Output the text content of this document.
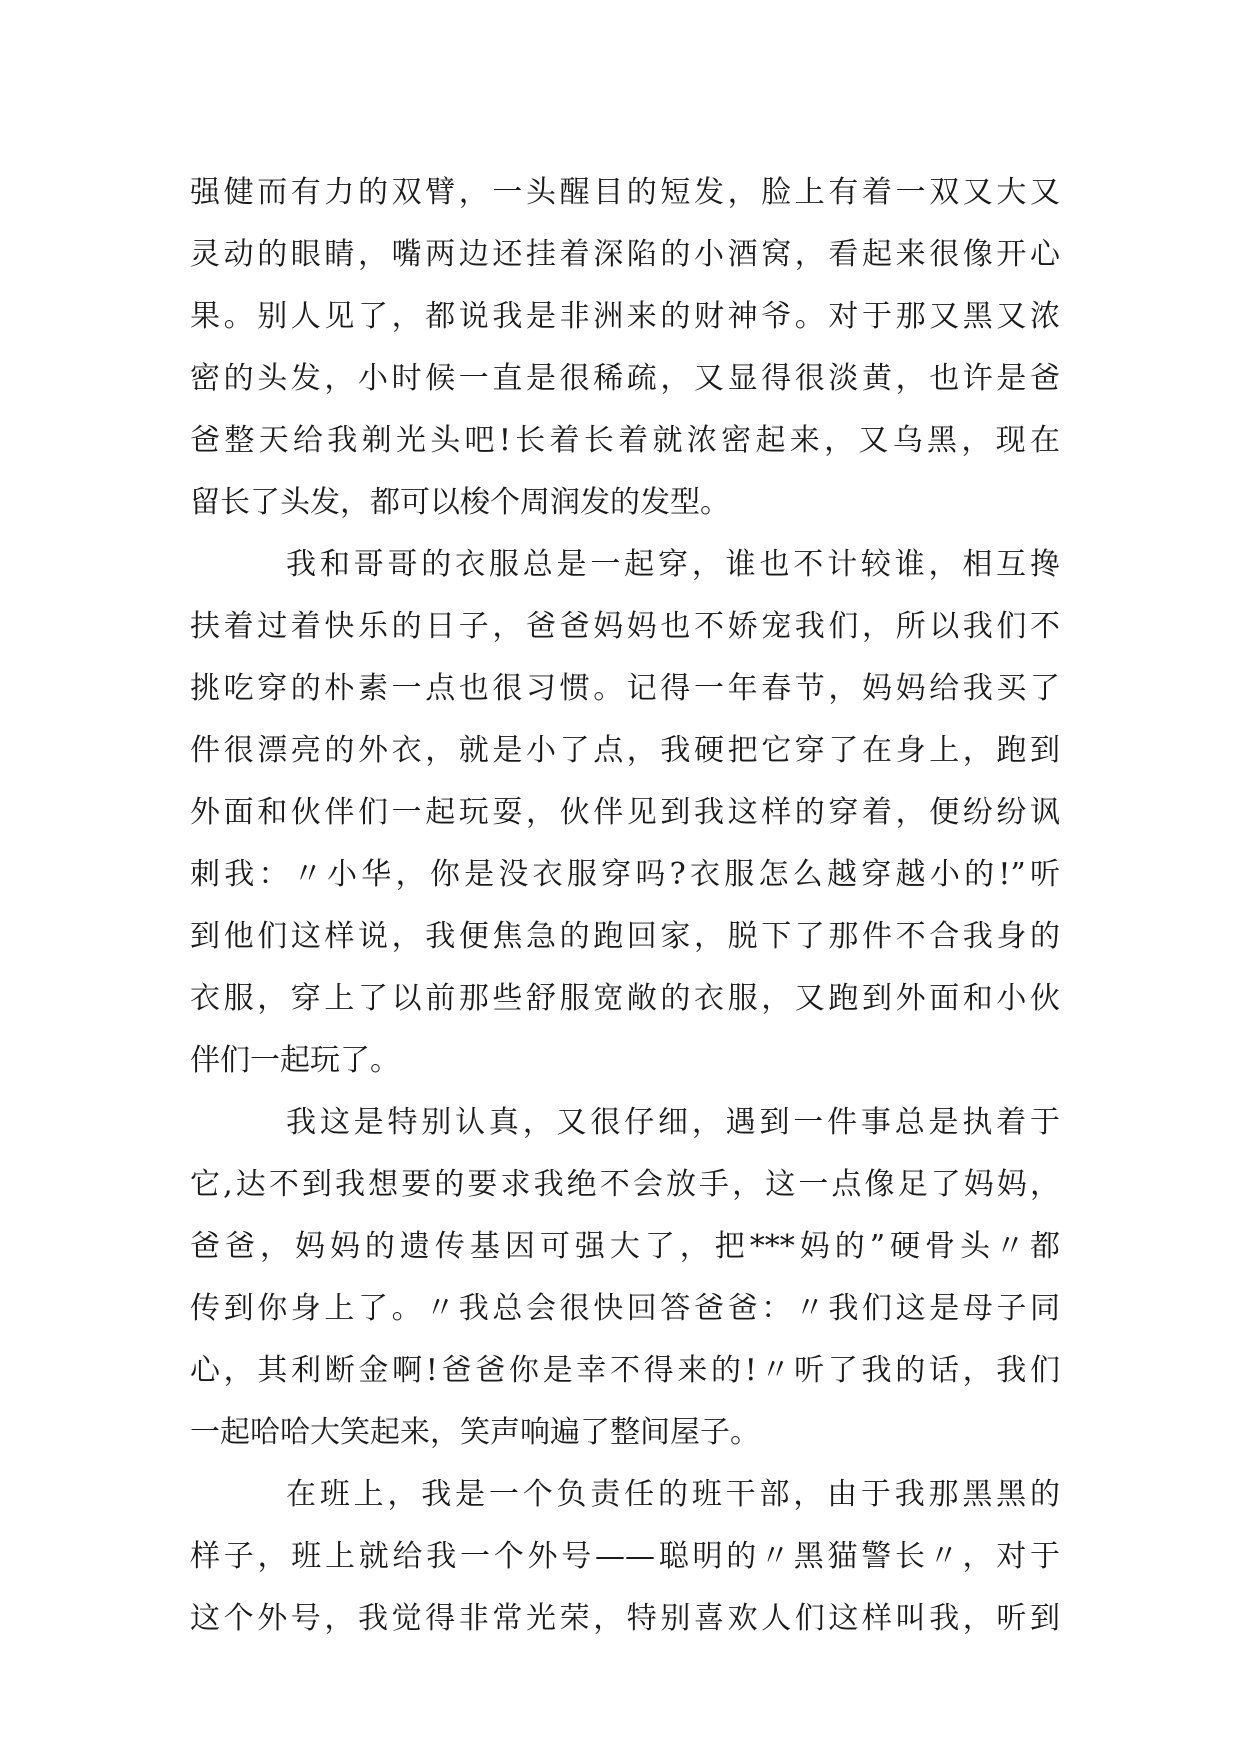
强健而有力的双臂，一头醒目的短发，脸上有着一双又大又
灵动的眼睛，嘴两边还挂着深陷的小酒窝，看起来很像开心
果。别人见了，都说我是非洲来的财神爷。对于那又黑又浓
密的头发，小时候一直是很稀疏，又显得很淡黄，也许是爸
爸整天给我剃光头吧!长着长着就浓密起来，又乌黑，现在
留长了头发，都可以梭个周润发的发型。
我和哥哥的衣服总是一起穿，谁也不计较谁，相互搀
扶着过着快乐的日子，爸爸妈妈也不娇宠我们，所以我们不
挑吃穿的朴素一点也很习惯。记得一年春节，妈妈给我买了
件很漂亮的外衣，就是小了点，我硬把它穿了在身上，跑到
外面和伙伴们一起玩耍，伙伴见到我这样的穿着，便纷纷讽
刺我：〃小华，你是没衣服穿吗?衣服怎么越穿越小的!”听
到他们这样说，我便焦急的跑回家，脱下了那件不合我身的
衣服，穿上了以前那些舒服宽敞的衣服，又跑到外面和小伙
伴们一起玩了。
我这是特别认真，又很仔细，遇到一件事总是执着于
它,达不到我想要的要求我绝不会放手，这一点像足了妈妈，
爸爸，妈妈的遗传基因可强大了，把***妈的”硬骨头〃都
传到你身上了。〃我总会很快回答爸爸：〃我们这是母子同
心，其利断金啊!爸爸你是幸不得来的!〃听了我的话，我们
一起哈哈大笑起来，笑声响遍了整间屋子。
在班上，我是一个负责任的班干部，由于我那黑黑的
样子，班上就给我一个外号——聪明的〃黑猫警长〃，对于
这个外号，我觉得非常光荣，特别喜欢人们这样叫我，听到
